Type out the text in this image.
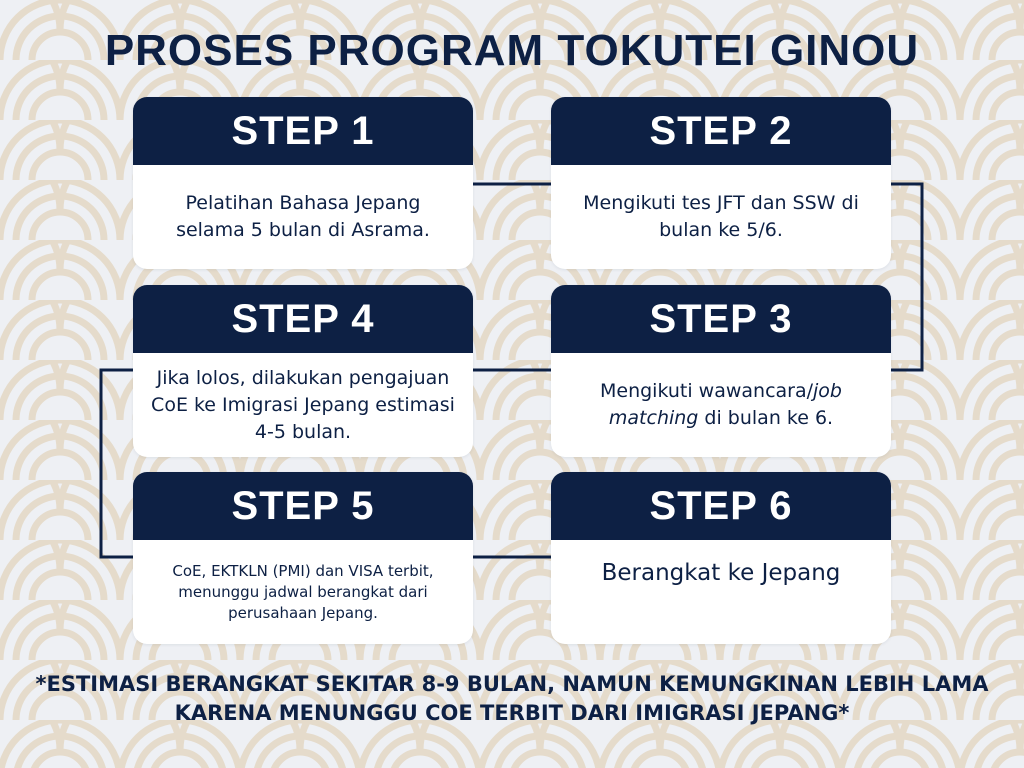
PROSES PROGRAM TOKUTEI GINOU
STEP 1
Pelatihan Bahasa Jepang selama 5 bulan di Asrama.
STEP 2
Mengikuti tes JFT dan SSW di bulan ke 5/6.
STEP 4
Jika lolos, dilakukan pengajuan CoE ke Imigrasi Jepang estimasi 4-5 bulan.
STEP 3
Mengikuti wawancara/job matching di bulan ke 6.
STEP 5
CoE, EKTKLN (PMI) dan VISA terbit, menunggu jadwal berangkat dari perusahaan Jepang.
STEP 6
Berangkat ke Jepang
*ESTIMASI BERANGKAT SEKITAR 8-9 BULAN, NAMUN KEMUNGKINAN LEBIH LAMA KARENA MENUNGGU COE TERBIT DARI IMIGRASI JEPANG*
